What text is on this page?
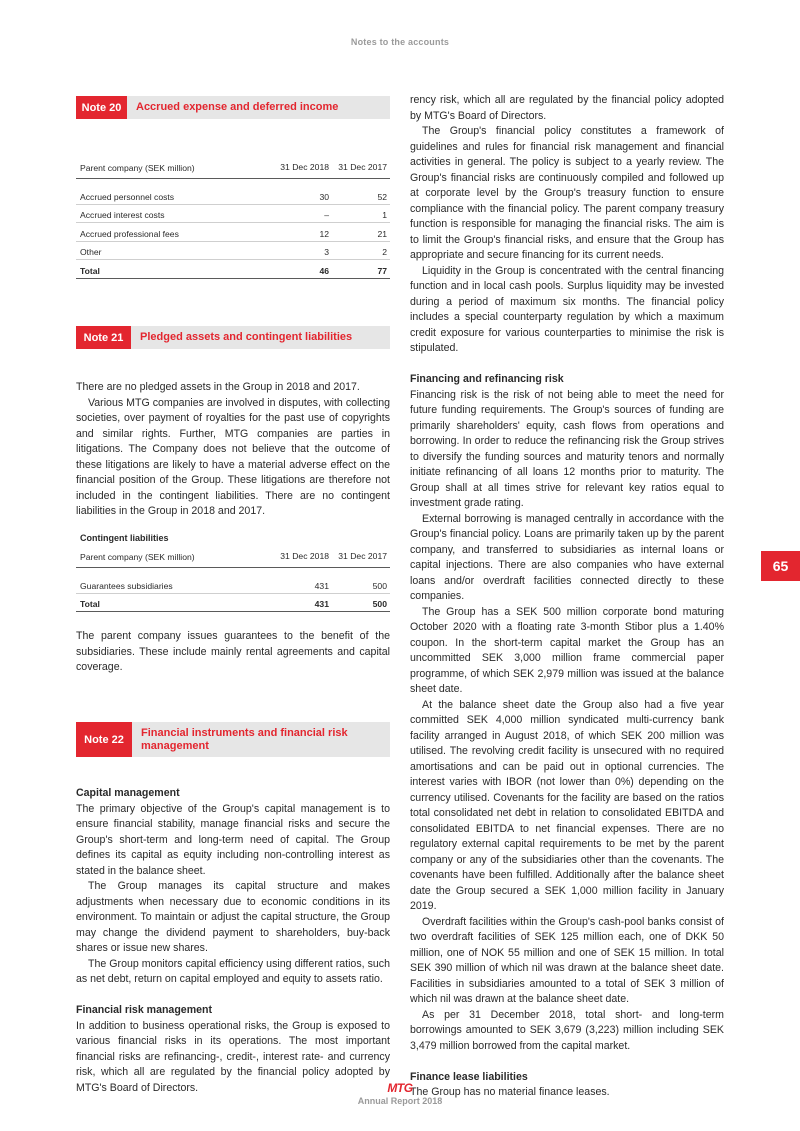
Notes to the accounts
Note 20	Accrued expense and deferred income
Parent company (SEK million)	31 Dec 2018	31 Dec 2017
Accrued personnel costs	30	52
Accrued interest costs	–	1
Accrued professional fees	12	21
Other	3	2
Total	46	77
Note 21	Pledged assets and contingent liabilities

There are no pledged assets in the Group in 2018 and 2017.

Various MTG companies are involved in disputes, with collecting societies, over payment of royalties for the past use of copyrights and similar rights. Further, MTG companies are parties in litigations. The Company does not believe that the outcome of these litigations are likely to have a material adverse effect on the financial position of the Group. These litigations are therefore not included in the contingent liabilities. There are no contingent liabilities in the Group in 2018 and 2017.

Contingent liabilities
Parent company (SEK million)	31 Dec 2018	31 Dec 2017
Guarantees subsidiaries	431	500
Total	431	500

The parent company issues guarantees to the benefit of the subsidiaries. These include mainly rental agreements and capital coverage.

Note 22
Financial instruments and financial risk management

Capital management

The primary objective of the Group's capital management is to ensure financial stability, manage financial risks and secure the Group's short-term and long-term need of capital. The Group defines its capital as equity including non-controlling interest as stated in the balance sheet.

The Group manages its capital structure and makes adjustments when necessary due to economic conditions in its environment. To maintain or adjust the capital structure, the Group may change the dividend payment to shareholders, buy-back shares or issue new shares.

The Group monitors capital efficiency using different ratios, such as net debt, return on capital employed and equity to assets ratio.

Financial risk management

In addition to business operational risks, the Group is exposed to various financial risks in its operations. The most important financial risks are refinancing-, credit-, interest rate- and currency risk, which all are regulated by the financial policy adopted by MTG's Board of Directors.

rency risk, which all are regulated by the financial policy adopted by MTG's Board of Directors.

The Group's financial policy constitutes a framework of guidelines and rules for financial risk management and financial activities in general. The policy is subject to a yearly review. The Group's financial risks are continuously compiled and followed up at corporate level by the Group's treasury function to ensure compliance with the financial policy. The parent company treasury function is responsible for managing the financial risks. The aim is to limit the Group's financial risks, and ensure that the Group has appropriate and secure financing for its current needs.

Liquidity in the Group is concentrated with the central financing function and in local cash pools. Surplus liquidity may be invested during a period of maximum six months. The financial policy includes a special counterparty regulation by which a maximum credit exposure for various counterparties to minimise the risk is stipulated.

Financing and refinancing risk

Financing risk is the risk of not being able to meet the need for future funding requirements. The Group's sources of funding are primarily shareholders' equity, cash flows from operations and borrowing. In order to reduce the refinancing risk the Group strives to diversify the funding sources and maturity tenors and normally initiate refinancing of all loans 12 months prior to maturity. The Group shall at all times strive for relevant key ratios equal to investment grade rating.

External borrowing is managed centrally in accordance with the Group's financial policy. Loans are primarily taken up by the parent company, and transferred to subsidiaries as internal loans or capital injections. There are also companies who have external loans and/or overdraft facilities connected directly to these companies.

The Group has a SEK 500 million corporate bond maturing October 2020 with a floating rate 3-month Stibor plus a 1.40% coupon. In the short-term capital market the Group has an uncommitted SEK 3,000 million frame commercial paper programme, of which SEK 2,979 million was issued at the balance sheet date.

At the balance sheet date the Group also had a five year committed SEK 4,000 million syndicated multi-currency bank facility arranged in August 2018, of which SEK 200 million was utilised. The revolving credit facility is unsecured with no required amortisations and can be paid out in optional currencies. The interest varies with IBOR (not lower than 0%) depending on the currency utilised. Covenants for the facility are based on the ratios total consolidated net debt in relation to consolidated EBITDA and consolidated EBITDA to net financial expenses. There are no regulatory external capital requirements to be met by the parent company or any of the subsidiaries other than the covenants. The covenants have been fulfilled. Additionally after the balance sheet date the Group secured a SEK 1,000 million facility in January 2019.

Overdraft facilities within the Group's cash-pool banks consist of two overdraft facilities of SEK 125 million each, one of DKK 50 million, one of NOK 55 million and one of SEK 15 million. In total SEK 390 million of which nil was drawn at the balance sheet date. Facilities in subsidiaries amounted to a total of SEK 3 million of which nil was drawn at the balance sheet date.

As per 31 December 2018, total short- and long-term borrowings amounted to SEK 3,679 (3,223) million including SEK 3,479 million borrowed from the capital market.

Finance lease liabilities

The Group has no material finance leases.

65
MTG
Annual Report 2018
